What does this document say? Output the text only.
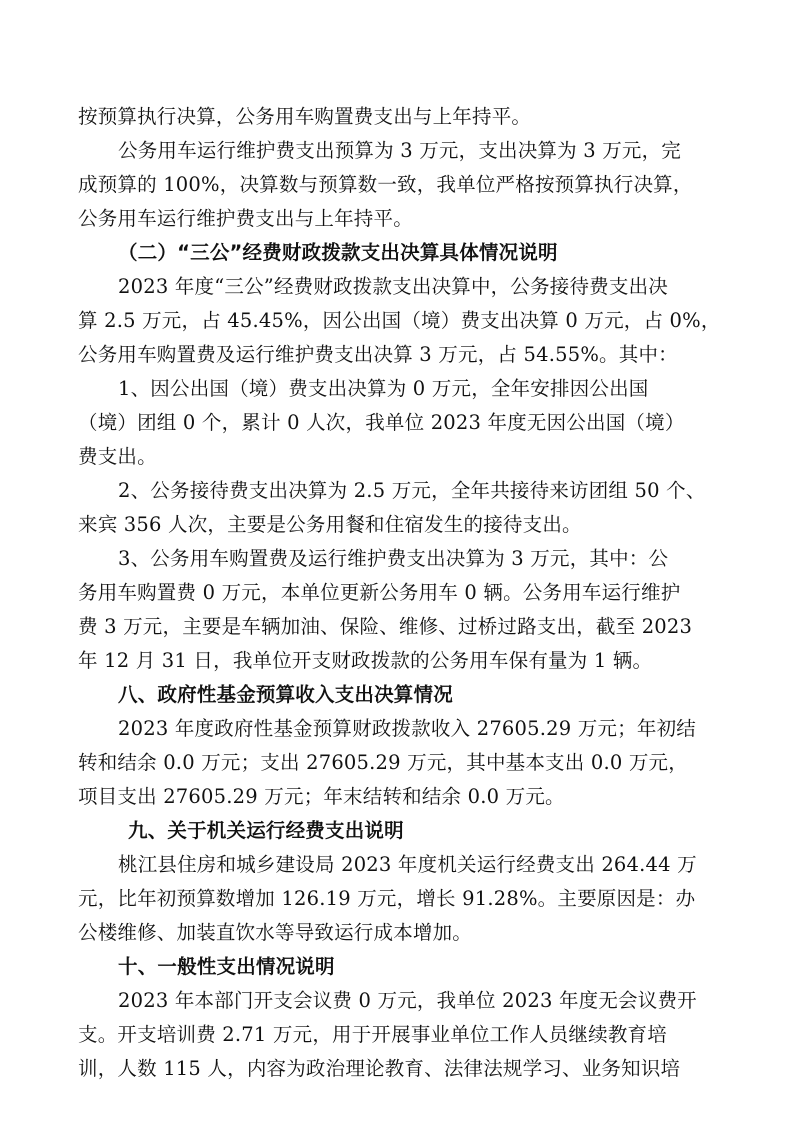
按预算执行决算，公务用车购置费支出与上年持平。
公务用车运行维护费支出预算为 3 万元，支出决算为 3 万元，完
成预算的 100%，决算数与预算数一致，我单位严格按预算执行决算，
公务用车运行维护费支出与上年持平。
（二）“三公”经费财政拨款支出决算具体情况说明
2023 年度“三公”经费财政拨款支出决算中，公务接待费支出决
算 2.5 万元，占 45.45%，因公出国（境）费支出决算 0 万元，占 0%，
公务用车购置费及运行维护费支出决算 3 万元，占 54.55%。其中：
1、因公出国（境）费支出决算为 0 万元，全年安排因公出国
（境）团组 0 个，累计 0 人次，我单位 2023 年度无因公出国（境）
费支出。
2、公务接待费支出决算为 2.5 万元，全年共接待来访团组 50 个、
来宾 356 人次，主要是公务用餐和住宿发生的接待支出。
3、公务用车购置费及运行维护费支出决算为 3 万元，其中：公
务用车购置费 0 万元，本单位更新公务用车 0 辆。公务用车运行维护
费 3 万元，主要是车辆加油、保险、维修、过桥过路支出，截至 2023
年 12 月 31 日，我单位开支财政拨款的公务用车保有量为 1 辆。
八、政府性基金预算收入支出决算情况
2023 年度政府性基金预算财政拨款收入 27605.29 万元；年初结
转和结余 0.0 万元；支出 27605.29 万元，其中基本支出 0.0 万元，
项目支出 27605.29 万元；年末结转和结余 0.0 万元。
九、关于机关运行经费支出说明
桃江县住房和城乡建设局 2023 年度机关运行经费支出 264.44 万
元，比年初预算数增加 126.19 万元，增长 91.28%。主要原因是：办
公楼维修、加装直饮水等导致运行成本增加。
十、一般性支出情况说明
2023 年本部门开支会议费 0 万元，我单位 2023 年度无会议费开
支。开支培训费 2.71 万元，用于开展事业单位工作人员继续教育培
训，人数 115 人，内容为政治理论教育、法律法规学习、业务知识培
